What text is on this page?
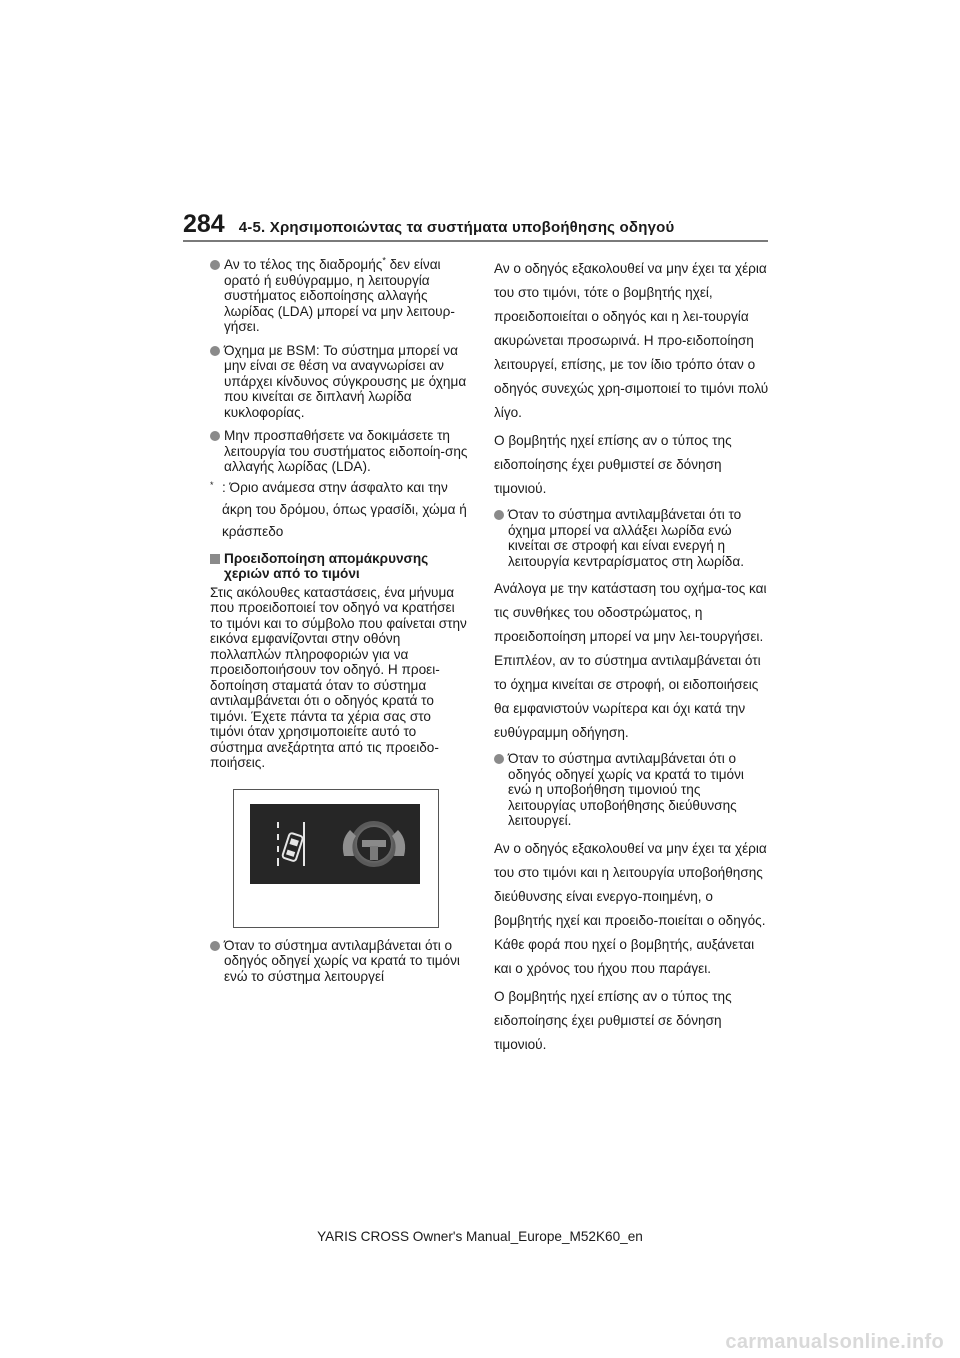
284 4-5. Χρησιμοποιώντας τα συστήματα υποβοήθησης οδηγού
Αν το τέλος της διαδρομής* δεν είναι ορατό ή ευθύγραμμο, η λειτουργία συστήματος ειδοποίησης αλλαγής λωρίδας (LDA) μπορεί να μην λειτουρ-γήσει.
Όχημα με BSM: Το σύστημα μπορεί να μην είναι σε θέση να αναγνωρίσει αν υπάρχει κίνδυνος σύγκρουσης με όχημα που κινείται σε διπλανή λωρίδα κυκλοφορίας.
Μην προσπαθήσετε να δοκιμάσετε τη λειτουργία του συστήματος ειδοποίη-σης αλλαγής λωρίδας (LDA).
* : Όριο ανάμεσα στην άσφαλτο και την άκρη του δρόμου, όπως γρασίδι, χώμα ή κράσπεδο
Προειδοποίηση απομάκρυνσης χεριών από το τιμόνι

Στις ακόλουθες καταστάσεις, ένα μήνυμα που προειδοποιεί τον οδηγό να κρατήσει το τιμόνι και το σύμβολο που φαίνεται στην εικόνα εμφανίζονται στην οθόνη πολλαπλών πληροφοριών για να προειδοποιήσουν τον οδηγό. Η προει-δοποίηση σταματά όταν το σύστημα αντιλαμβάνεται ότι ο οδηγός κρατά το τιμόνι. Έχετε πάντα τα χέρια σας στο τιμόνι όταν χρησιμοποιείτε αυτό το σύστημα ανεξάρτητα από τις προειδο-ποιήσεις.

Όταν το σύστημα αντιλαμβάνεται ότι ο οδηγός οδηγεί χωρίς να κρατά το τιμόνι ενώ το σύστημα λειτουργεί

Αν ο οδηγός εξακολουθεί να μην έχει τα χέρια του στο τιμόνι, τότε ο βομβητής ηχεί, προειδοποιείται ο οδηγός και η λει-τουργία ακυρώνεται προσωρινά. Η προ-ειδοποίηση λειτουργεί, επίσης, με τον ίδιο τρόπο όταν ο οδηγός συνεχώς χρη-σιμοποιεί το τιμόνι πολύ λίγο.

Ο βομβητής ηχεί επίσης αν ο τύπος της ειδοποίησης έχει ρυθμιστεί σε δόνηση τιμονιού.

Όταν το σύστημα αντιλαμβάνεται ότι το όχημα μπορεί να αλλάξει λωρίδα ενώ κινείται σε στροφή και είναι ενεργή η λειτουργία κεντραρίσματος στη λωρίδα.

Ανάλογα με την κατάσταση του οχήμα-τος και τις συνθήκες του οδοστρώματος, η προειδοποίηση μπορεί να μην λει-τουργήσει. Επιπλέον, αν το σύστημα αντιλαμβάνεται ότι το όχημα κινείται σε στροφή, οι ειδοποιήσεις θα εμφανιστούν νωρίτερα και όχι κατά την ευθύγραμμη οδήγηση.

Όταν το σύστημα αντιλαμβάνεται ότι ο οδηγός οδηγεί χωρίς να κρατά το τιμόνι ενώ η υποβοήθηση τιμονιού της λειτουργίας υποβοήθησης διεύθυνσης λειτουργεί.

Αν ο οδηγός εξακολουθεί να μην έχει τα χέρια του στο τιμόνι και η λειτουργία υποβοήθησης διεύθυνσης είναι ενεργο-ποιημένη, ο βομβητής ηχεί και προειδο-ποιείται ο οδηγός. Κάθε φορά που ηχεί ο βομβητής, αυξάνεται και ο χρόνος του ήχου που παράγει.

Ο βομβητής ηχεί επίσης αν ο τύπος της ειδοποίησης έχει ρυθμιστεί σε δόνηση τιμονιού.

YARIS CROSS Owner's Manual_Europe_M52K60_en
carmanualsonline.info
